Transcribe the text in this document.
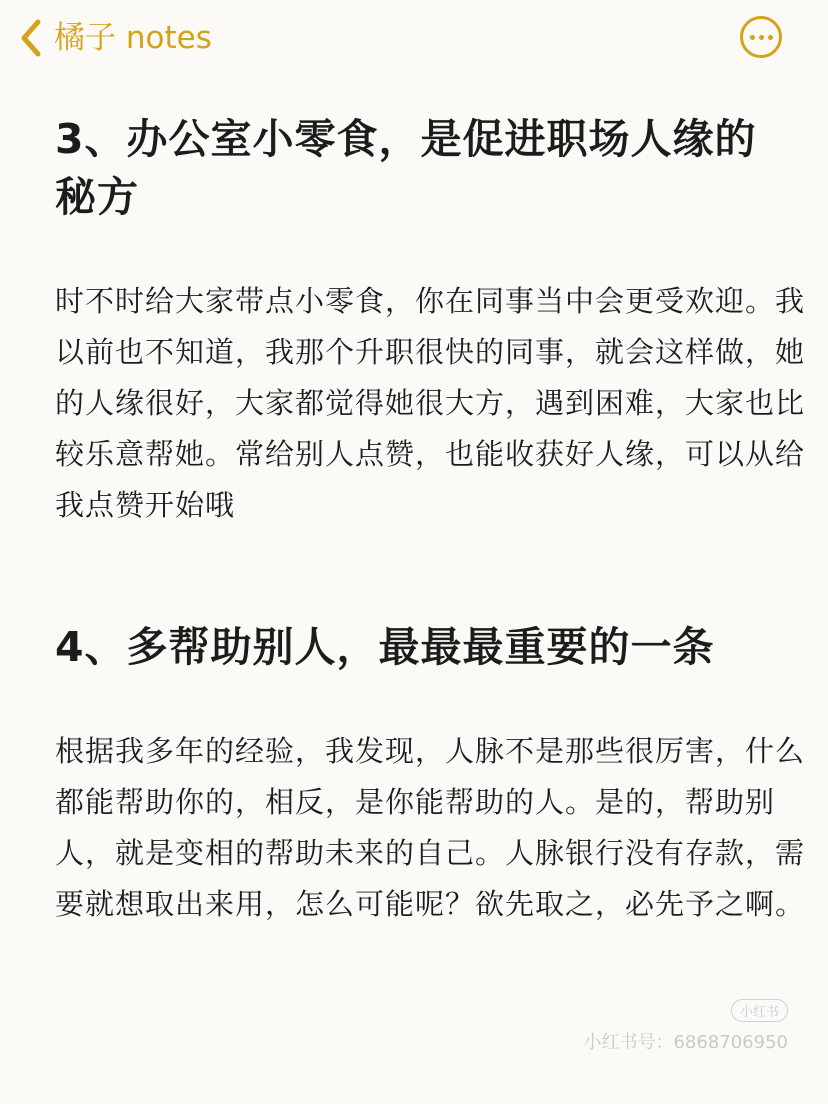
橘子 notes
3、办公室小零食，是促进职场人缘的秘方

时不时给大家带点小零食，你在同事当中会更受欢迎。我以前也不知道，我那个升职很快的同事，就会这样做，她的人缘很好，大家都觉得她很大方，遇到困难，大家也比较乐意帮她。常给别人点赞，也能收获好人缘，可以从给我点赞开始哦

4、多帮助别人，最最最重要的一条

根据我多年的经验，我发现，人脉不是那些很厉害，什么都能帮助你的，相反，是你能帮助的人。是的，帮助别人，就是变相的帮助未来的自己。人脉银行没有存款，需要就想取出来用，怎么可能呢？欲先取之，必先予之啊。

小红书
小红书号：6868706950
